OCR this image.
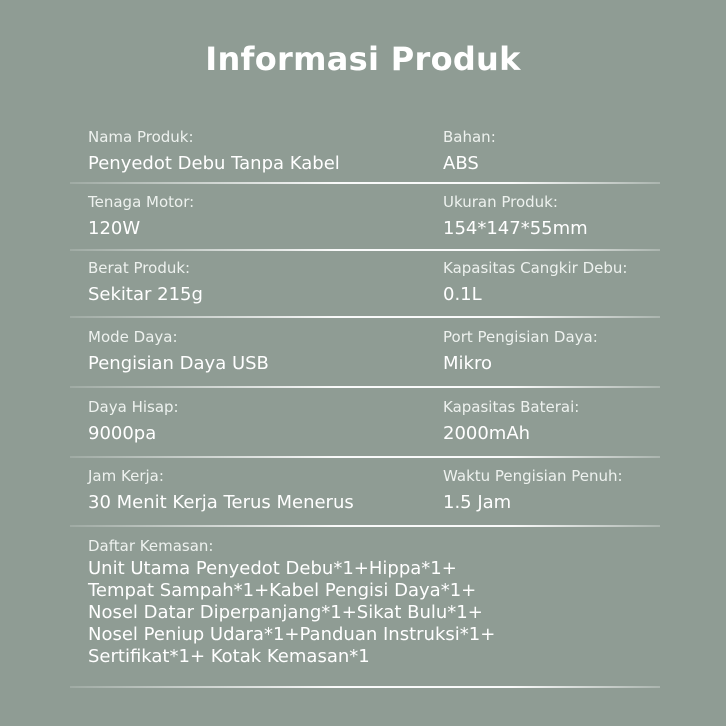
Informasi Produk
Nama Produk:
Penyedot Debu Tanpa Kabel
Bahan:
ABS
Tenaga Motor:
120W
Ukuran Produk:
154*147*55mm
Berat Produk:
Sekitar 215g
Kapasitas Cangkir Debu:
0.1L
Mode Daya:
Pengisian Daya USB
Port Pengisian Daya:
Mikro
Daya Hisap:
9000pa
Kapasitas Baterai:
2000mAh
Jam Kerja:
30 Menit Kerja Terus Menerus
Waktu Pengisian Penuh:
1.5 Jam
Daftar Kemasan:
Unit Utama Penyedot Debu*1+Hippa*1+
Tempat Sampah*1+Kabel Pengisi Daya*1+
Nosel Datar Diperpanjang*1+Sikat Bulu*1+
Nosel Peniup Udara*1+Panduan Instruksi*1+
Sertifikat*1+ Kotak Kemasan*1
